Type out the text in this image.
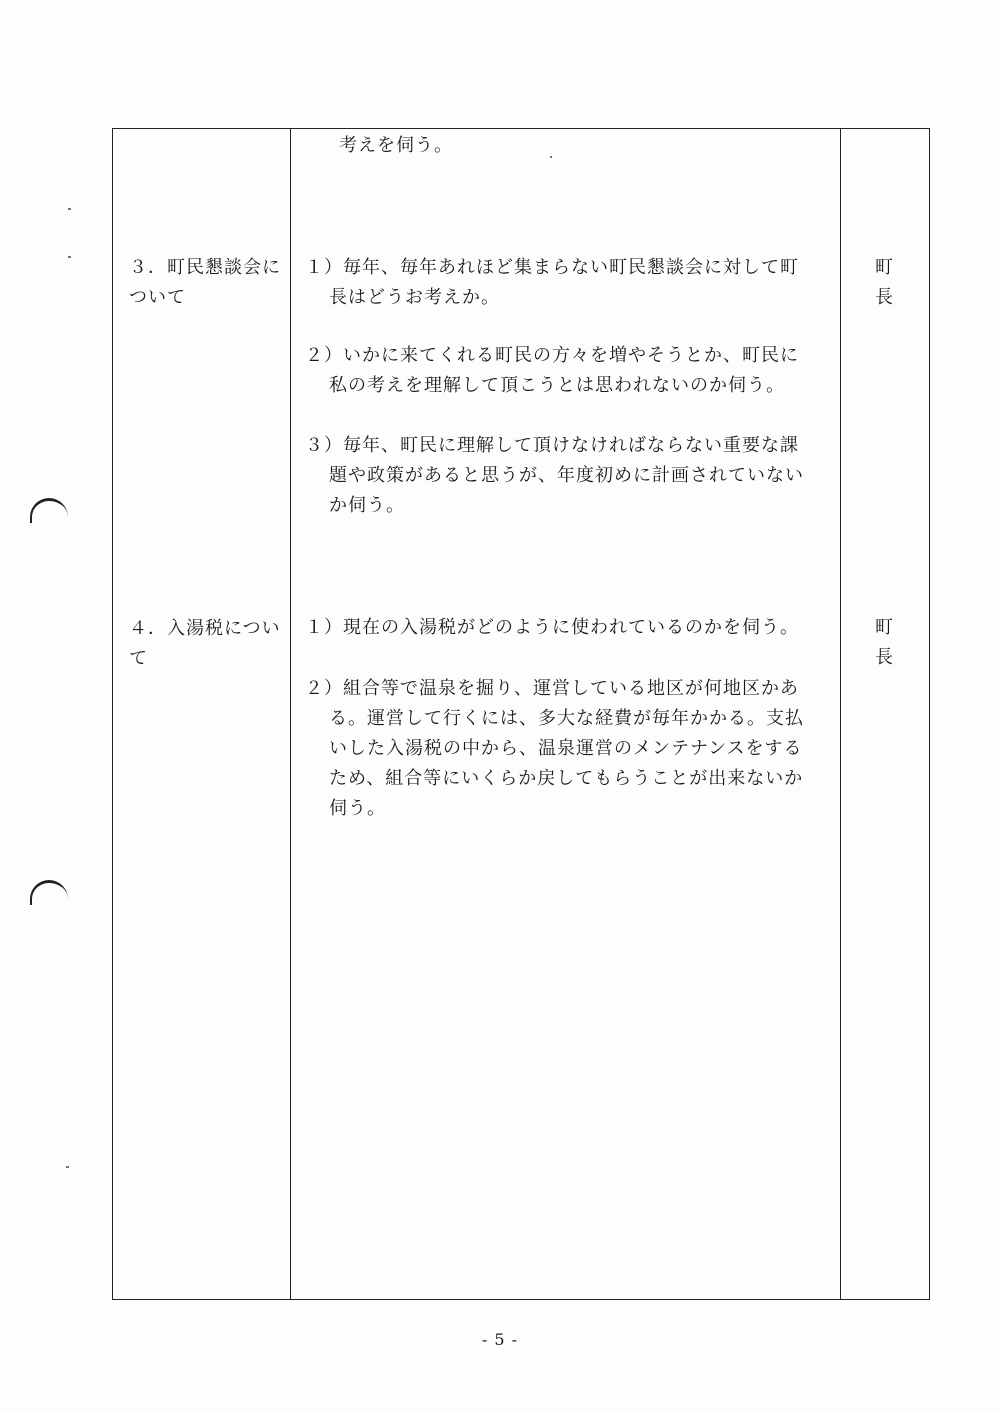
考えを伺う。
３．町民懇談会に
ついて
１）毎年、毎年あれほど集まらない町民懇談会に対して町
長はどうお考えか。
２）いかに来てくれる町民の方々を増やそうとか、町民に
私の考えを理解して頂こうとは思われないのか伺う。
３）毎年、町民に理解して頂けなければならない重要な課
題や政策があると思うが、年度初めに計画されていない
か伺う。
町　長
４．入湯税につい
て
１）現在の入湯税がどのように使われているのかを伺う。
２）組合等で温泉を掘り、運営している地区が何地区かあ
る。運営して行くには、多大な経費が毎年かかる。支払
いした入湯税の中から、温泉運営のメンテナンスをする
ため、組合等にいくらか戻してもらうことが出来ないか
伺う。
町　長
- 5 -
